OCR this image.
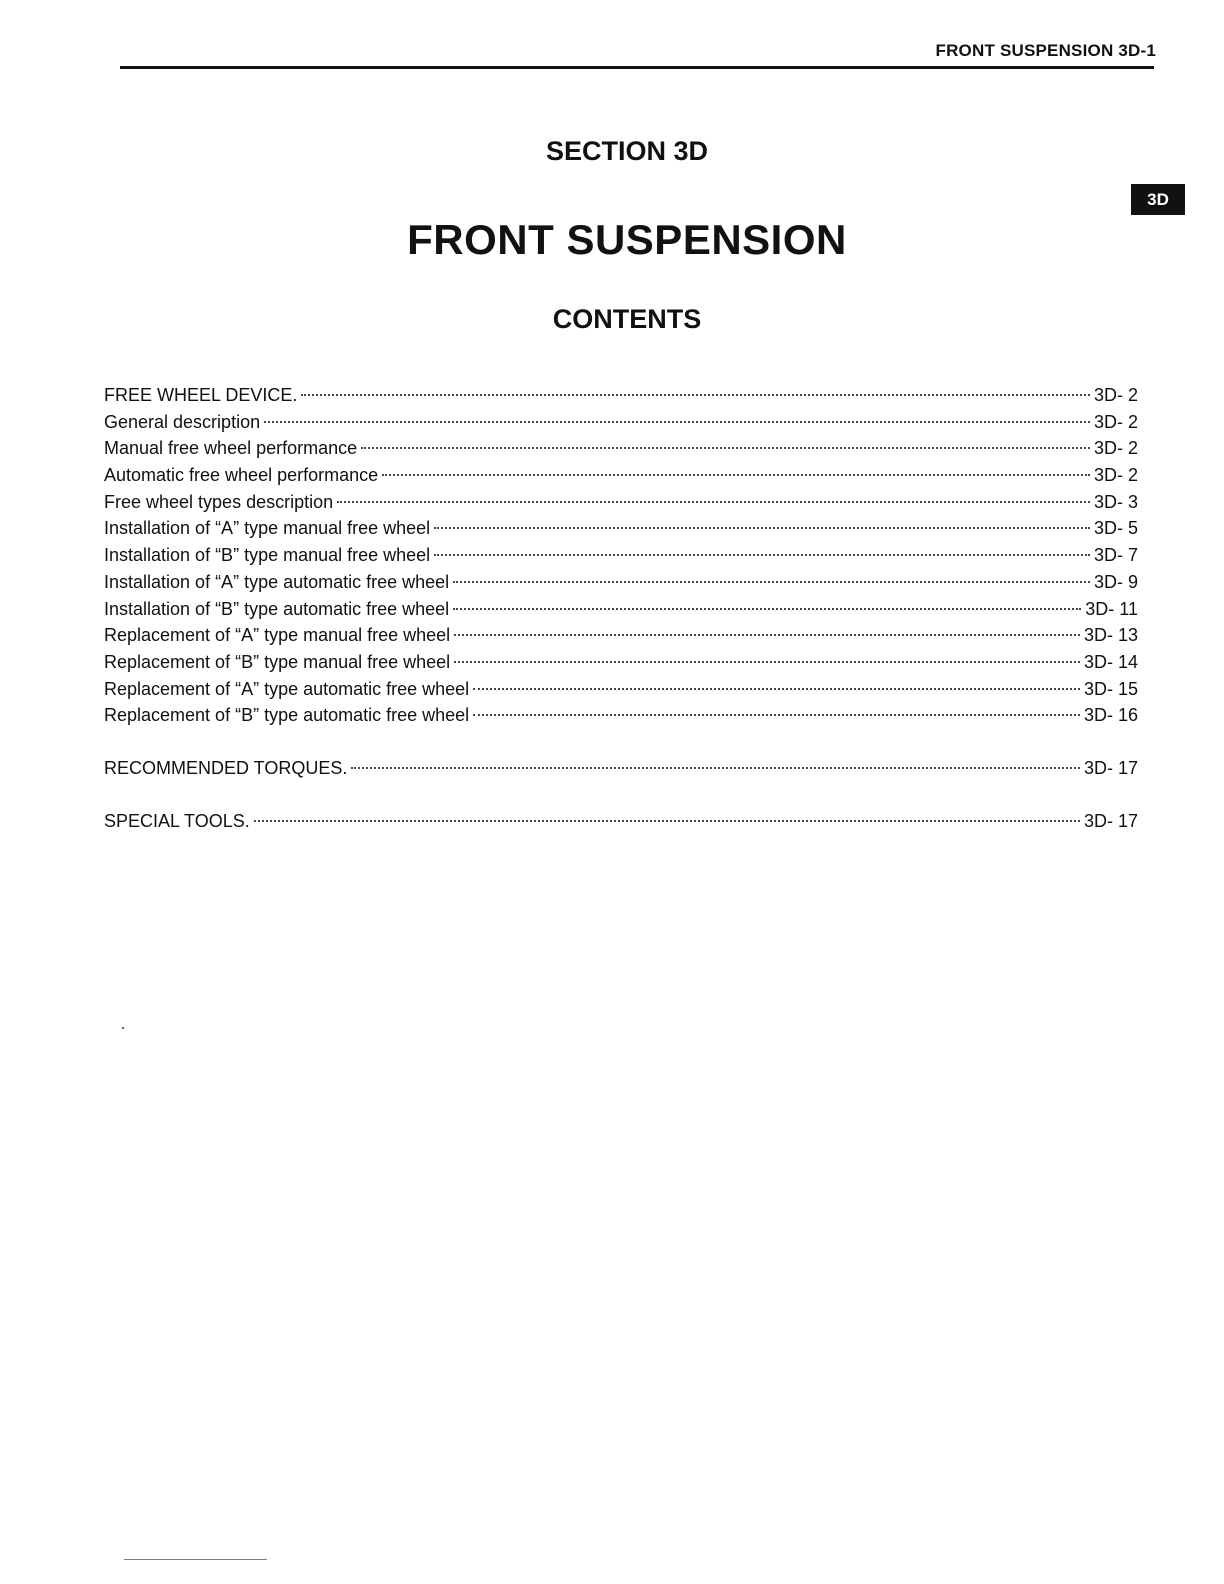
FRONT SUSPENSION 3D-1
3D
SECTION 3D
FRONT SUSPENSION
CONTENTS
FREE WHEEL DEVICE.	3D- 2
General description	3D- 2
Manual free wheel performance	3D- 2
Automatic free wheel performance	3D- 2
Free wheel types description	3D- 3
Installation of “A” type manual free wheel	3D- 5
Installation of “B” type manual free wheel	3D- 7
Installation of “A” type automatic free wheel	3D- 9
Installation of “B” type automatic free wheel	3D- 11
Replacement of “A” type manual free wheel	3D- 13
Replacement of “B” type manual free wheel	3D- 14
Replacement of “A” type automatic free wheel	3D- 15
Replacement of “B” type automatic free wheel	3D- 16
RECOMMENDED TORQUES.	3D- 17
SPECIAL TOOLS.	3D- 17
